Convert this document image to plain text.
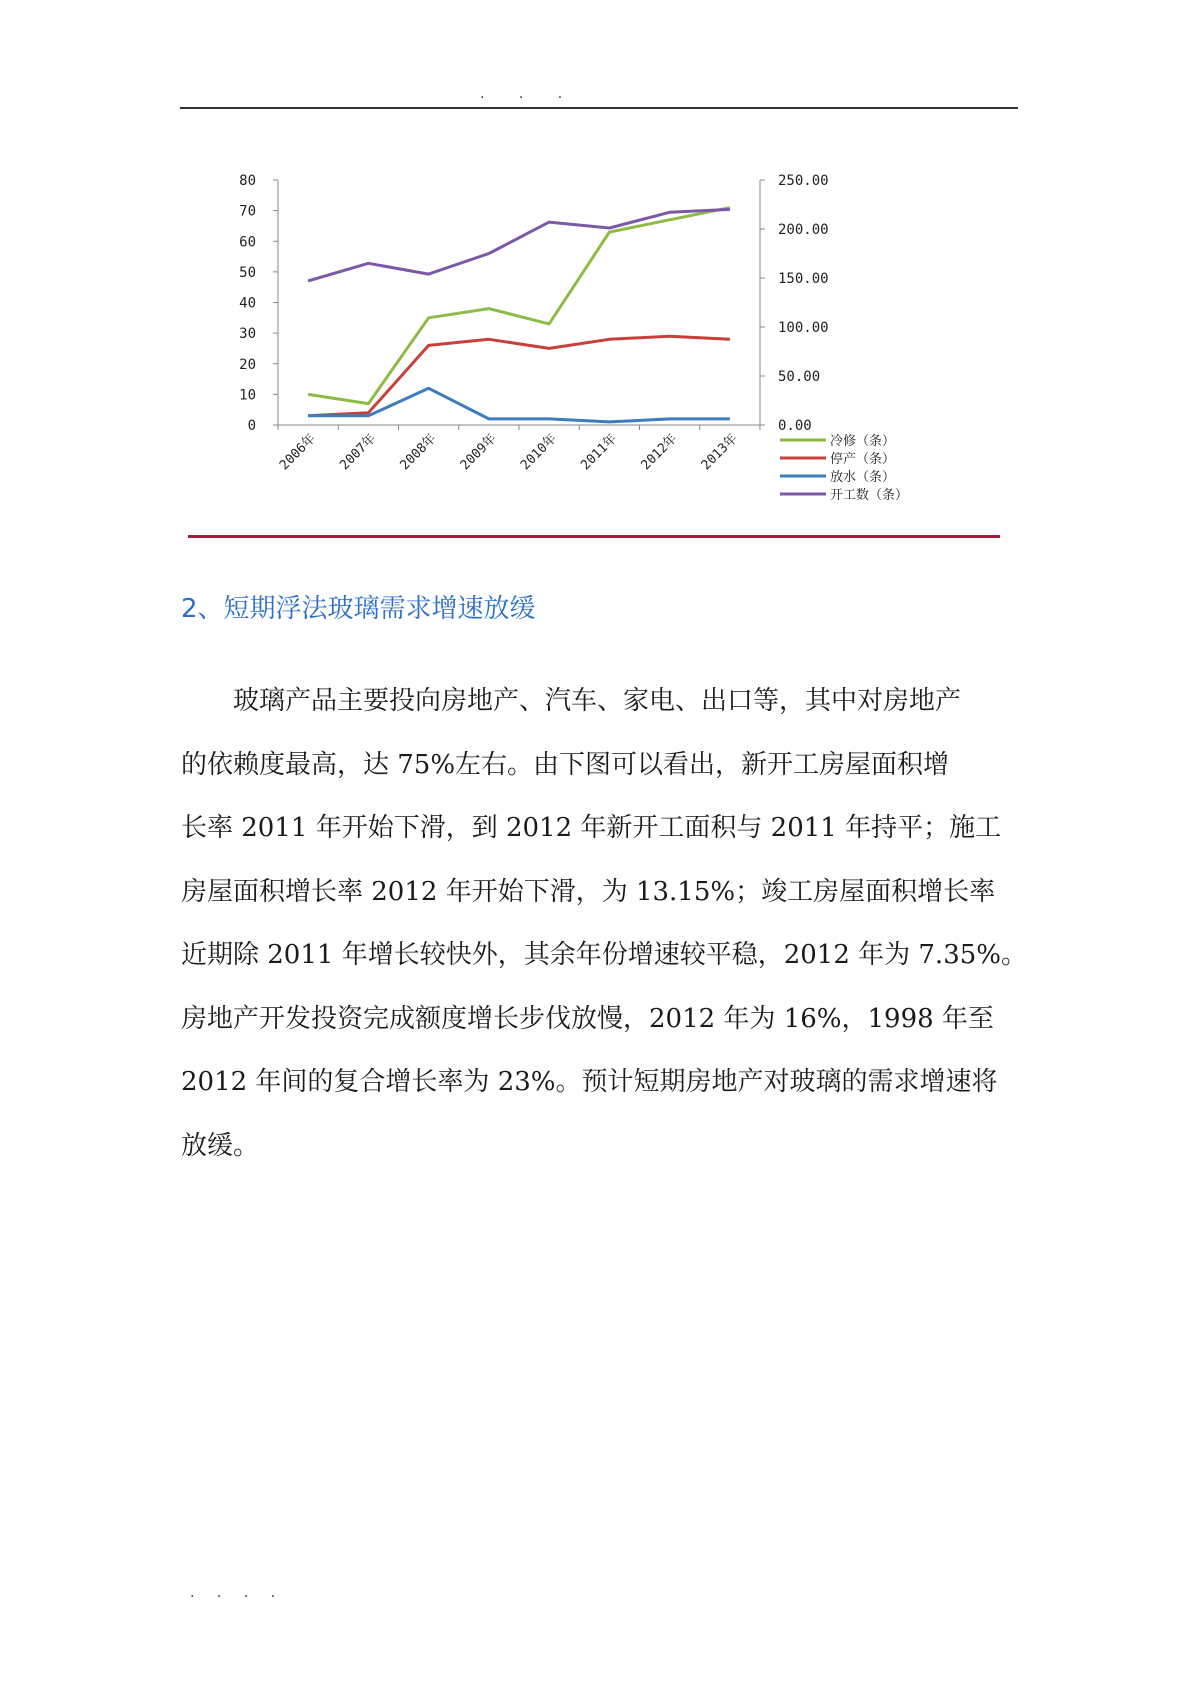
. . .
0
10
20
30
40
50
60
70
80
0.00
50.00
100.00
150.00
200.00
250.00
2006年 2007年 2008年 2009年 2010年 2011年 2012年 2013年	冷修（条）
停产（条）
放水（条）
开工数（条）
2、短期浮法玻璃需求增速放缓
玻璃产品主要投向房地产、汽车、家电、出口等，其中对房地产
的依赖度最高，达 75%左右。由下图可以看出，新开工房屋面积增
长率 2011 年开始下滑，到 2012 年新开工面积与 2011 年持平；施工
房屋面积增长率 2012 年开始下滑，为 13.15%；竣工房屋面积增长率
近期除 2011 年增长较快外，其余年份增速较平稳，2012 年为 7.35%。
房地产开发投资完成额度增长步伐放慢，2012 年为 16%，1998 年至
2012 年间的复合增长率为 23%。预计短期房地产对玻璃的需求增速将
放缓。
. . . .
